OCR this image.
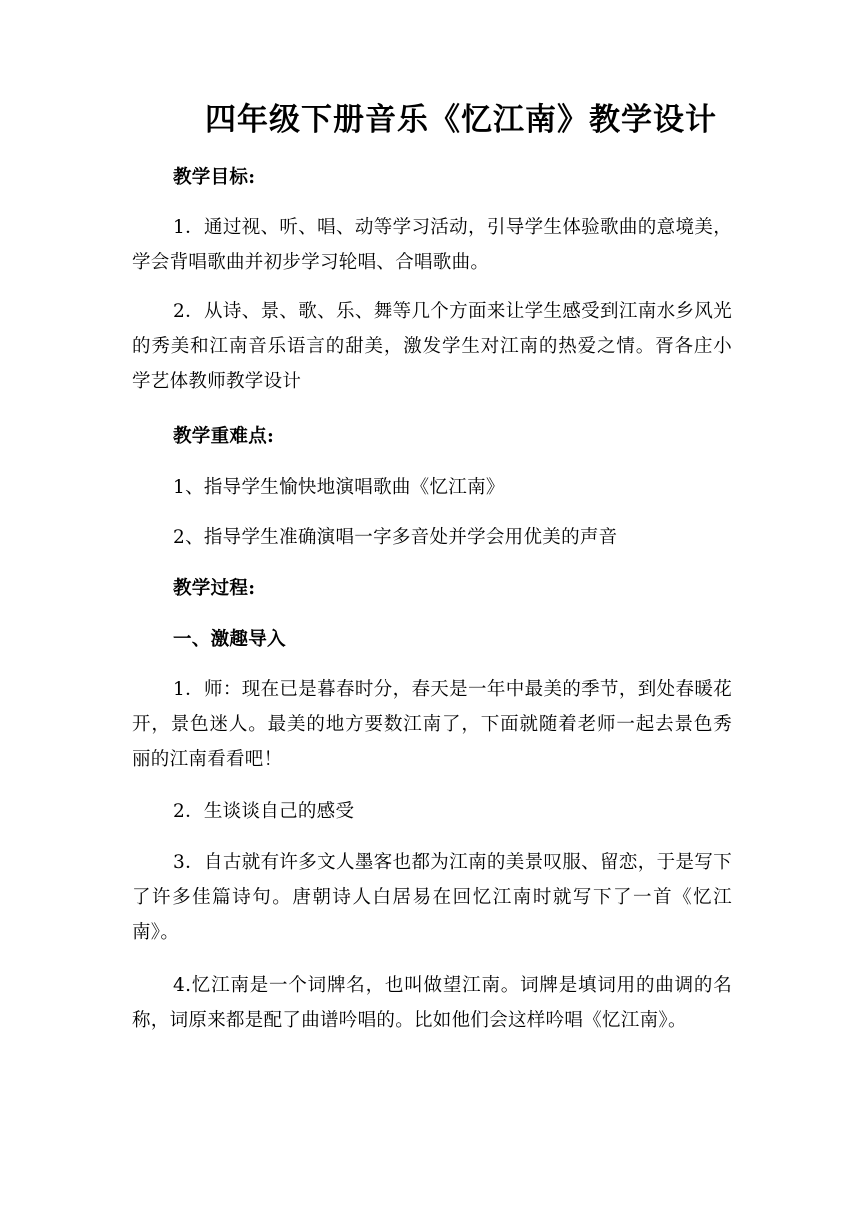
四年级下册音乐《忆江南》教学设计

教学目标:

1．通过视、听、唱、动等学习活动，引导学生体验歌曲的意境美，学会背唱歌曲并初步学习轮唱、合唱歌曲。

2．从诗、景、歌、乐、舞等几个方面来让学生感受到江南水乡风光的秀美和江南音乐语言的甜美，激发学生对江南的热爱之情。胥各庄小学艺体教师教学设计

教学重难点:

1、指导学生愉快地演唱歌曲《忆江南》

2、指导学生准确演唱一字多音处并学会用优美的声音

教学过程:

一、激趣导入

1．师：现在已是暮春时分，春天是一年中最美的季节，到处春暖花开，景色迷人。最美的地方要数江南了，下面就随着老师一起去景色秀丽的江南看看吧！

2．生谈谈自己的感受

3．自古就有许多文人墨客也都为江南的美景叹服、留恋，于是写下了许多佳篇诗句。唐朝诗人白居易在回忆江南时就写下了一首《忆江南》。

4.忆江南是一个词牌名，也叫做望江南。词牌是填词用的曲调的名称，词原来都是配了曲谱吟唱的。比如他们会这样吟唱《忆江南》。
